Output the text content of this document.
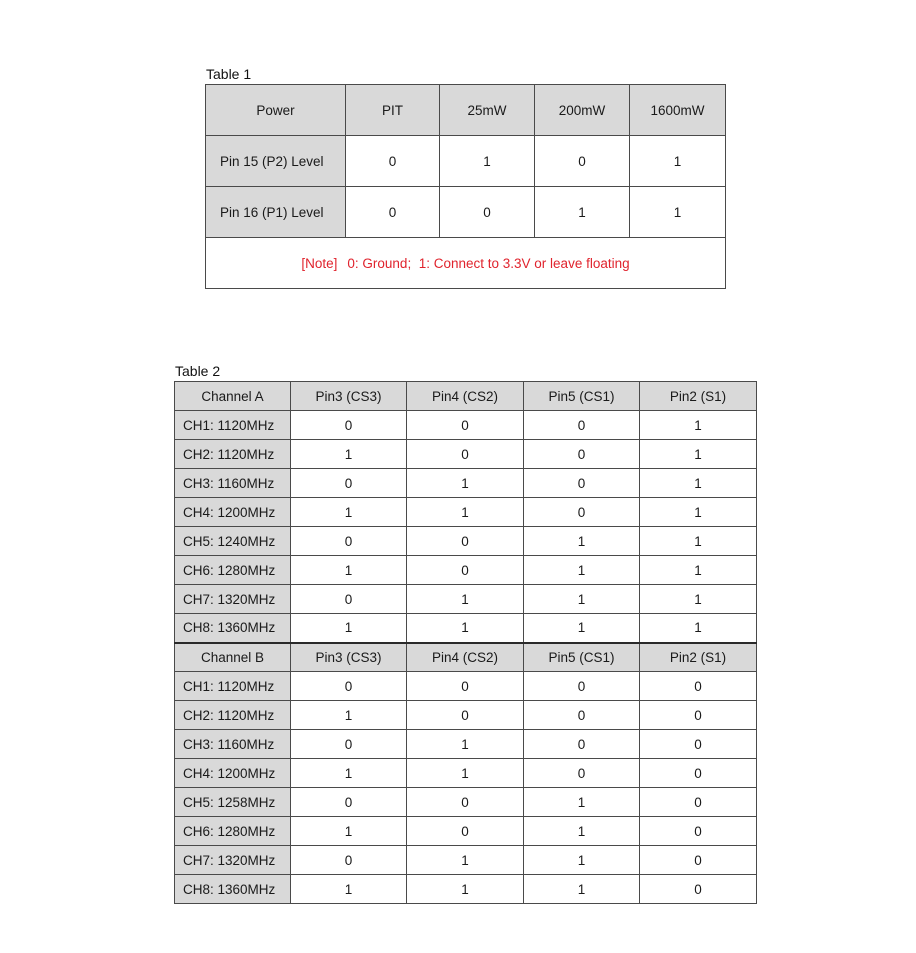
Table 1
Power	PIT	25mW	200mW	1600mW
Pin 15 (P2) Level	0	1	0	1
Pin 16 (P1) Level	0	0	1	1
[Note] 0: Ground; 1: Connect to 3.3V or leave floating				
Table 2
Channel A	Pin3 (CS3)	Pin4 (CS2)	Pin5 (CS1)	Pin2 (S1)
CH1: 1120MHz	0	0	0	1
CH2: 1120MHz	1	0	0	1
CH3: 1160MHz	0	1	0	1
CH4: 1200MHz	1	1	0	1
CH5: 1240MHz	0	0	1	1
CH6: 1280MHz	1	0	1	1
CH7: 1320MHz	0	1	1	1
CH8: 1360MHz	1	1	1	1
Channel B	Pin3 (CS3)	Pin4 (CS2)	Pin5 (CS1)	Pin2 (S1)
CH1: 1120MHz	0	0	0	0
CH2: 1120MHz	1	0	0	0
CH3: 1160MHz	0	1	0	0
CH4: 1200MHz	1	1	0	0
CH5: 1258MHz	0	0	1	0
CH6: 1280MHz	1	0	1	0
CH7: 1320MHz	0	1	1	0
CH8: 1360MHz	1	1	1	0
